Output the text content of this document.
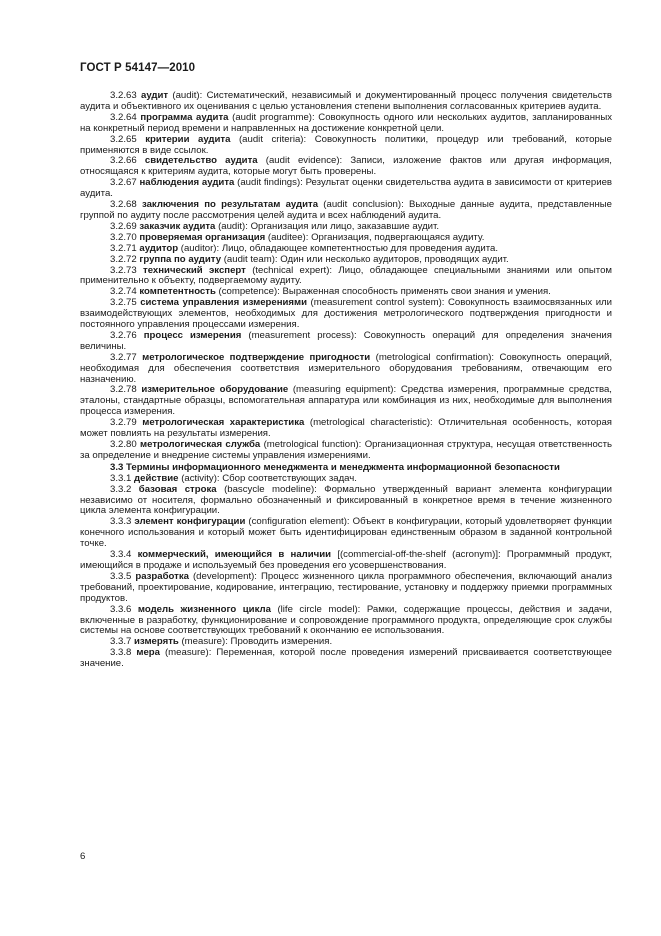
ГОСТ Р 54147—2010

3.2.63 аудит (audit): Систематический, независимый и документированный процесс получения свидетельств аудита и объективного их оценивания с целью установления степени выполнения согласованных критериев аудита.

3.2.64 программа аудита (audit programme): Совокупность одного или нескольких аудитов, запланированных на конкретный период времени и направленных на достижение конкретной цели.

3.2.65 критерии аудита (audit criteria): Совокупность политики, процедур или требований, которые применяются в виде ссылок.

3.2.66 свидетельство аудита (audit evidence): Записи, изложение фактов или другая информация, относящаяся к критериям аудита, которые могут быть проверены.

3.2.67 наблюдения аудита (audit findings): Результат оценки свидетельства аудита в зависимости от критериев аудита.

3.2.68 заключения по результатам аудита (audit conclusion): Выходные данные аудита, представленные группой по аудиту после рассмотрения целей аудита и всех наблюдений аудита.

3.2.69 заказчик аудита (audit): Организация или лицо, заказавшие аудит.

3.2.70 проверяемая организация (auditee): Организация, подвергающаяся аудиту.

3.2.71 аудитор (auditor): Лицо, обладающее компетентностью для проведения аудита.

3.2.72 группа по аудиту (audit team): Один или несколько аудиторов, проводящих аудит.

3.2.73 технический эксперт (technical expert): Лицо, обладающее специальными знаниями или опытом применительно к объекту, подвергаемому аудиту.

3.2.74 компетентность (competence): Выраженная способность применять свои знания и умения.

3.2.75 система управления измерениями (measurement control system): Совокупность взаимосвязанных или взаимодействующих элементов, необходимых для достижения метрологического подтверждения пригодности и постоянного управления процессами измерения.

3.2.76 процесс измерения (measurement process): Совокупность операций для определения значения величины.

3.2.77 метрологическое подтверждение пригодности (metrological confirmation): Совокупность операций, необходимая для обеспечения соответствия измерительного оборудования требованиям, отвечающим его назначению.

3.2.78 измерительное оборудование (measuring equipment): Средства измерения, программные средства, эталоны, стандартные образцы, вспомогательная аппаратура или комбинация из них, необходимые для выполнения процесса измерения.

3.2.79 метрологическая характеристика (metrological characteristic): Отличительная особенность, которая может повлиять на результаты измерения.

3.2.80 метрологическая служба (metrological function): Организационная структура, несущая ответственность за определение и внедрение системы управления измерениями.

3.3 Термины информационного менеджмента и менеджмента информационной безопасности

3.3.1 действие (activity): Сбор соответствующих задач.

3.3.2 базовая строка (bascycle modeline): Формально утвержденный вариант элемента конфигурации независимо от носителя, формально обозначенный и фиксированный в конкретное время в течение жизненного цикла элемента конфигурации.

3.3.3 элемент конфигурации (configuration element): Объект в конфигурации, который удовлетворяет функции конечного использования и который может быть идентифицирован единственным образом в заданной контрольной точке.

3.3.4 коммерческий, имеющийся в наличии [(commercial-off-the-shelf (acronym)]: Программный продукт, имеющийся в продаже и используемый без проведения его усовершенствования.

3.3.5 разработка (development): Процесс жизненного цикла программного обеспечения, включающий анализ требований, проектирование, кодирование, интеграцию, тестирование, установку и поддержку приемки программных продуктов.

3.3.6 модель жизненного цикла (life circle model): Рамки, содержащие процессы, действия и задачи, включенные в разработку, функционирование и сопровождение программного продукта, определяющие срок службы системы на основе соответствующих требований к окончанию ее использования.

3.3.7 измерять (measure): Проводить измерения.

3.3.8 мера (measure): Переменная, которой после проведения измерений присваивается соответствующее значение.

6
